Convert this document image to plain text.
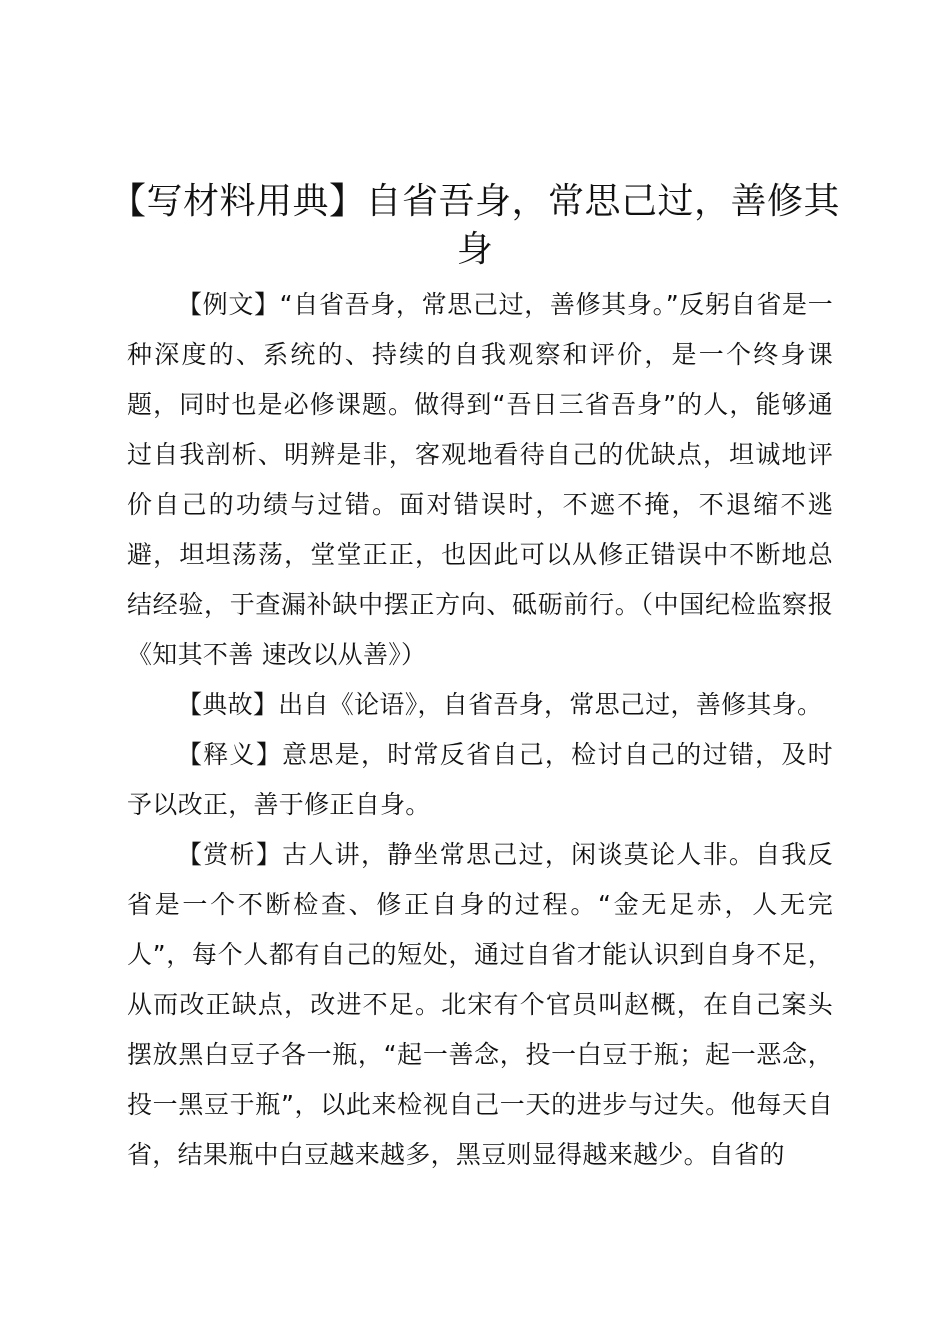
【写材料用典】自省吾身，常思己过，善修其身

【例文】“自省吾身，常思己过，善修其身。”反躬自省是一种深度的、系统的、持续的自我观察和评价，是一个终身课题，同时也是必修课题。做得到“吾日三省吾身”的人，能够通过自我剖析、明辨是非，客观地看待自己的优缺点，坦诚地评价自己的功绩与过错。面对错误时，不遮不掩，不退缩不逃避，坦坦荡荡，堂堂正正，也因此可以从修正错误中不断地总结经验，于查漏补缺中摆正方向、砥砺前行。（中国纪检监察报《知其不善 速改以从善》）

【典故】出自《论语》，自省吾身，常思己过，善修其身。

【释义】意思是，时常反省自己，检讨自己的过错，及时予以改正，善于修正自身。

【赏析】古人讲，静坐常思己过，闲谈莫论人非。自我反省是一个不断检查、修正自身的过程。“金无足赤，人无完人”，每个人都有自己的短处，通过自省才能认识到自身不足，从而改正缺点，改进不足。北宋有个官员叫赵概，在自己案头摆放黑白豆子各一瓶，“起一善念，投一白豆于瓶；起一恶念，投一黑豆于瓶”，以此来检视自己一天的进步与过失。他每天自省，结果瓶中白豆越来越多，黑豆则显得越来越少。自省的
